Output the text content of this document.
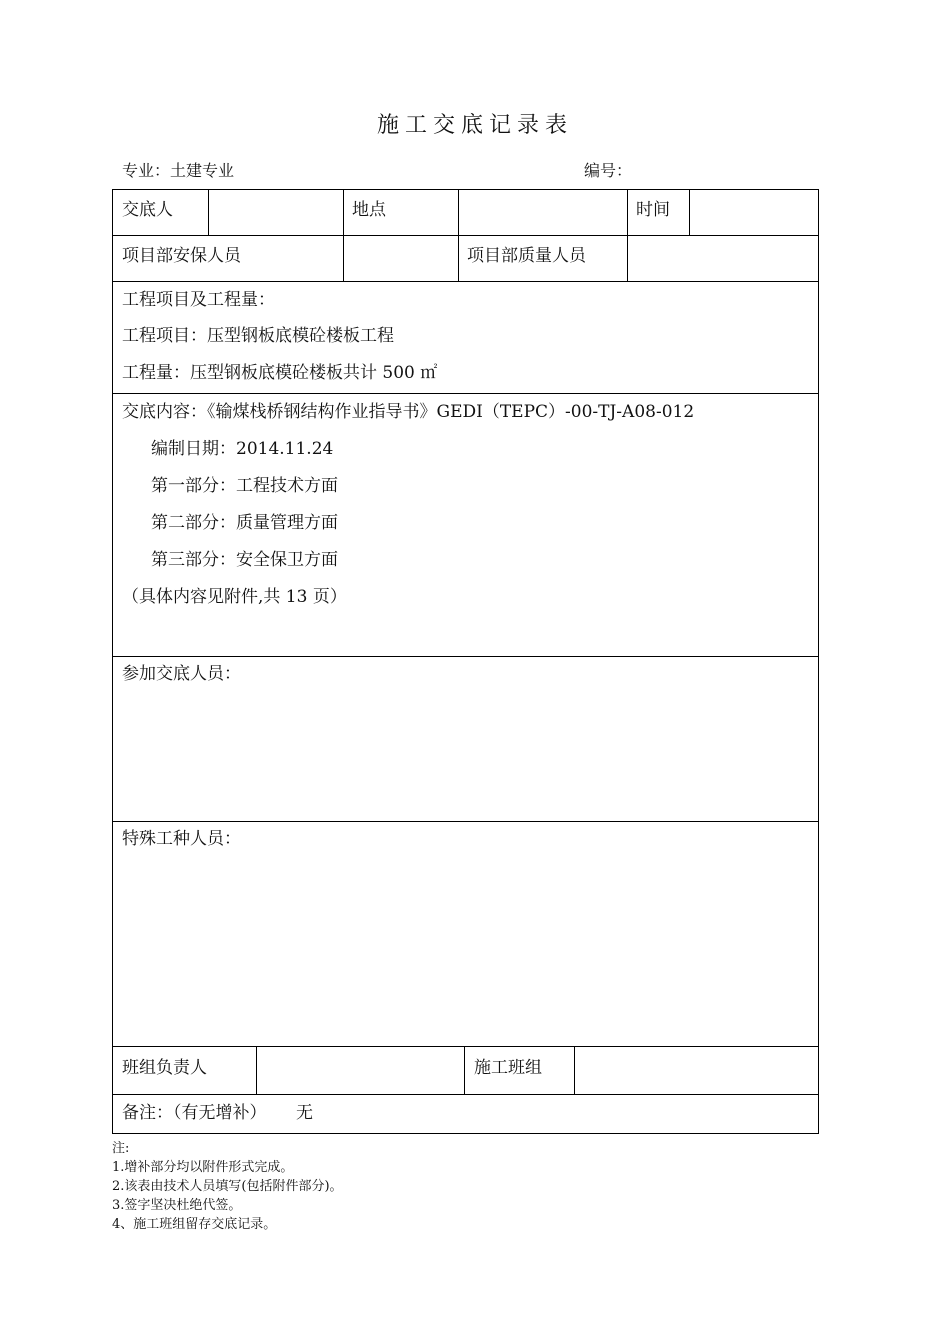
施工交底记录表
专业：土建专业	编号：
交底人	地点	时间
项目部安保人员	项目部质量人员
工程项目及工程量：
工程项目：压型钢板底模砼楼板工程
工程量：压型钢板底模砼楼板共计 500 ㎡
交底内容：《输煤栈桥钢结构作业指导书》GEDI（TEPC）-00-TJ-A08-012
编制日期：2014.11.24
第一部分：工程技术方面
第二部分：质量管理方面
第三部分：安全保卫方面
（具体内容见附件,共 13 页）
参加交底人员：
特殊工种人员：
班组负责人	施工班组
备注：（有无增补） 无
注:
1.增补部分均以附件形式完成。
2.该表由技术人员填写(包括附件部分)。
3.签字坚决杜绝代签。
4、施工班组留存交底记录。
